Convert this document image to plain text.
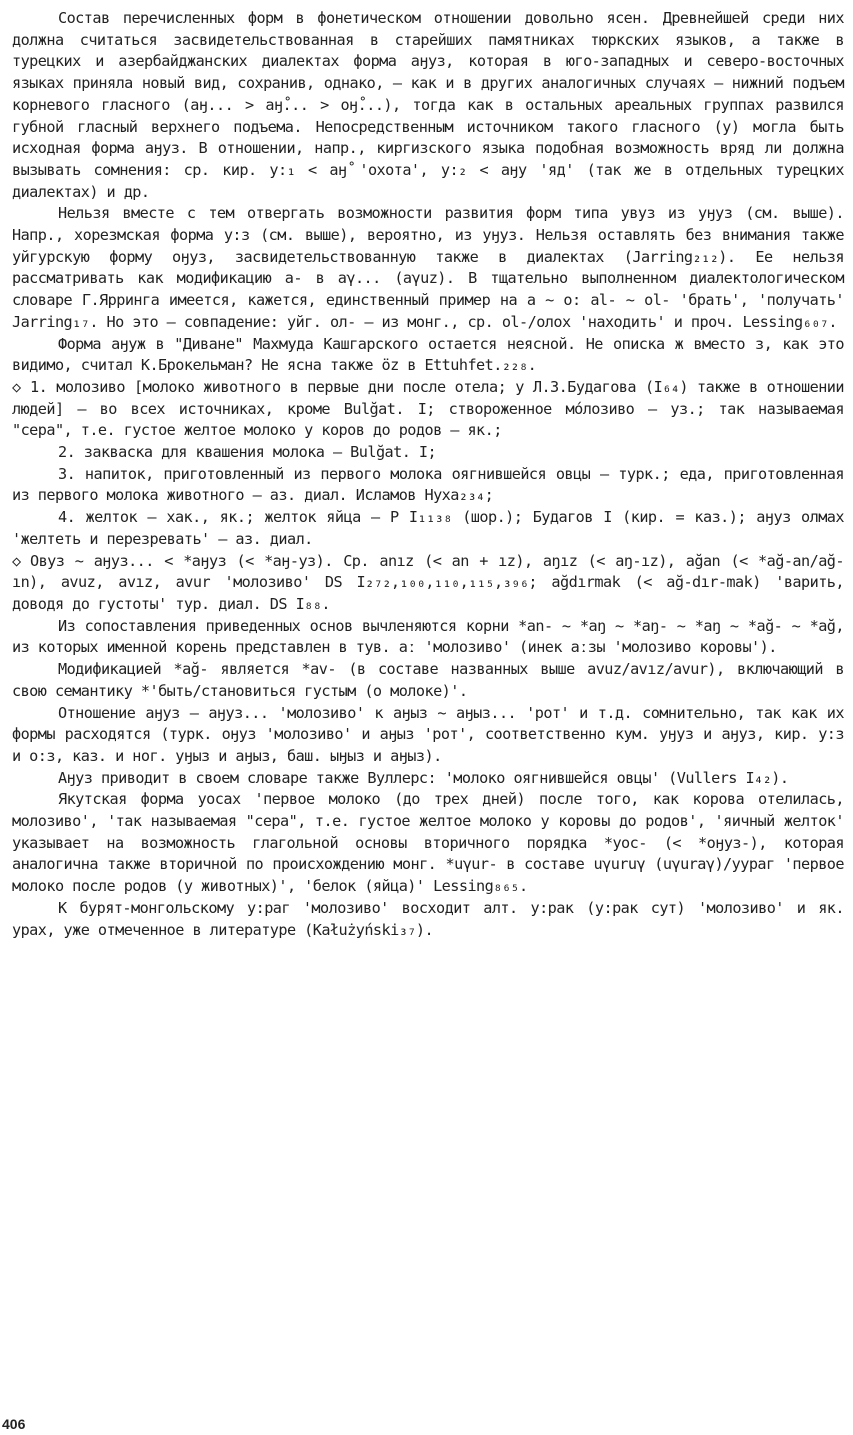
Состав перечисленных форм в фонетическом отношении довольно ясен. Древнейшей среди них должна считаться засвидетельствованная в старейших памятниках тюркских языков, а также в турецких и азербайджанских диалектах форма аӈуз, которая в юго-западных и северо-восточных языках приняла новый вид, сохранив, однако, – как и в других аналогичных случаях – нижний подъем корневого гласного (аӈ... > аӈ̊... > оӈ̊...), тогда как в остальных ареальных группах развился губной гласный верхнего подъема. Непосредственным источником такого гласного (у) могла быть исходная форма аӈуз. В отношении, напр., киргизского языка подобная возможность вряд ли должна вызывать сомнения: ср. кир. у:₁ < аӈ̊ 'охота', у:₂ < аӈу 'яд' (так же в отдельных турецких диалектах) и др.

Нельзя вместе с тем отвергать возможности развития форм типа увуз из уӈуз (см. выше). Напр., хорезмская форма у:з (см. выше), вероятно, из уӈуз. Нельзя оставлять без внимания также уйгурскую форму оӈуз, засвидетельствованную также в диалектах (Jarring₂₁₂). Ее нельзя рассматривать как модификацию а- в аγ... (aγuz). В тщательно выполненном диалектологическом словаре Г.Ярринга имеется, кажется, единственный пример на а ~ о: al- ~ ol- 'брать', 'получать' Jarring₁₇. Но это – совпадение: уйг. ол- – из монг., ср. ol-/олох 'находить' и проч. Lessing₆₀₇.

Форма аӈуж в "Диване" Махмуда Кашгарского остается неясной. Не описка ж вместо з, как это видимо, считал К.Брокельман? Не ясна также öz в Ettuhfet.₂₂₈.

◇ 1. молозиво [молоко животного в первые дни после отела; у Л.З.Будагова (I₆₄) также в отношении людей] – во всех источниках, кроме Bulğat. I; створоженное мóлозиво – уз.; так называемая "сера", т.е. густое желтое молоко у коров до родов – як.;

2. закваска для квашения молока – Bulğat. I;

3. напиток, приготовленный из первого молока оягнившейся овцы – турк.; еда, приготовленная из первого молока животного – аз. диал. Исламов Нуха₂₃₄;

4. желток – хак., як.; желток яйца – Р I₁₁₃₈ (шор.); Будагов I (кир. = каз.); аӈуз олмах 'желтеть и перезревать' – аз. диал.

◇ Овуз ~ аӈуз... < *аӈуз (< *аӈ-уз). Ср. anız (< an + ız), aŋız (< aŋ-ız), ağan (< *ağ-an/ağ-ın), avuz, avız, avur 'молозиво' DS I₂₇₂,₁₀₀,₁₁₀,₁₁₅,₃₉₆; ağdırmak (< ağ-dır-mak) 'варить, доводя до густоты' тур. диал. DS I₈₈.

Из сопоставления приведенных основ вычленяются корни *an- ~ *aŋ ~ *aŋ- ~ *aŋ ~ *ağ- ~ *ağ, из которых именной корень представлен в тув. аː 'молозиво' (инек аːзы 'молозиво коровы').

Модификацией *ağ- является *av- (в составе названных выше avuz/avız/avur), включающий в свою семантику *'быть/становиться густым (о молоке)'.

Отношение аӈуз – аӈуз... 'молозиво' к аӈыз ~ аӈыз... 'рот' и т.д. сомнительно, так как их формы расходятся (турк. оӈуз 'молозиво' и аӈыз 'рот', соответственно кум. уӈуз и аӈуз, кир. у:з и о:з, каз. и ног. уӈыз и аӈыз, баш. ыӈыз и аӈыз).

Аӈуз приводит в своем словаре также Вуллерс: 'молоко оягнившейся овцы' (Vullers I₄₂).

Якутская форма уосах 'первое молоко (до трех дней) после того, как корова отелилась, молозиво', 'так называемая "сера", т.е. густое желтое молоко у коровы до родов', 'яичный желток' указывает на возможность глагольной основы вторичного порядка *уос- (< *оӈуз-), которая аналогична также вторичной по происхождению монг. *uγur- в составе uγuruγ (uγuraγ)/ууpaг 'первое молоко после родов (у животных)', 'белок (яйца)' Lessing₈₆₅.

К бурят-монгольскому у:раг 'молозиво' восходит алт. у:рак (у:рак сут) 'молозиво' и як. урах, уже отмеченное в литературе (Kałużyński₃₇).

406
